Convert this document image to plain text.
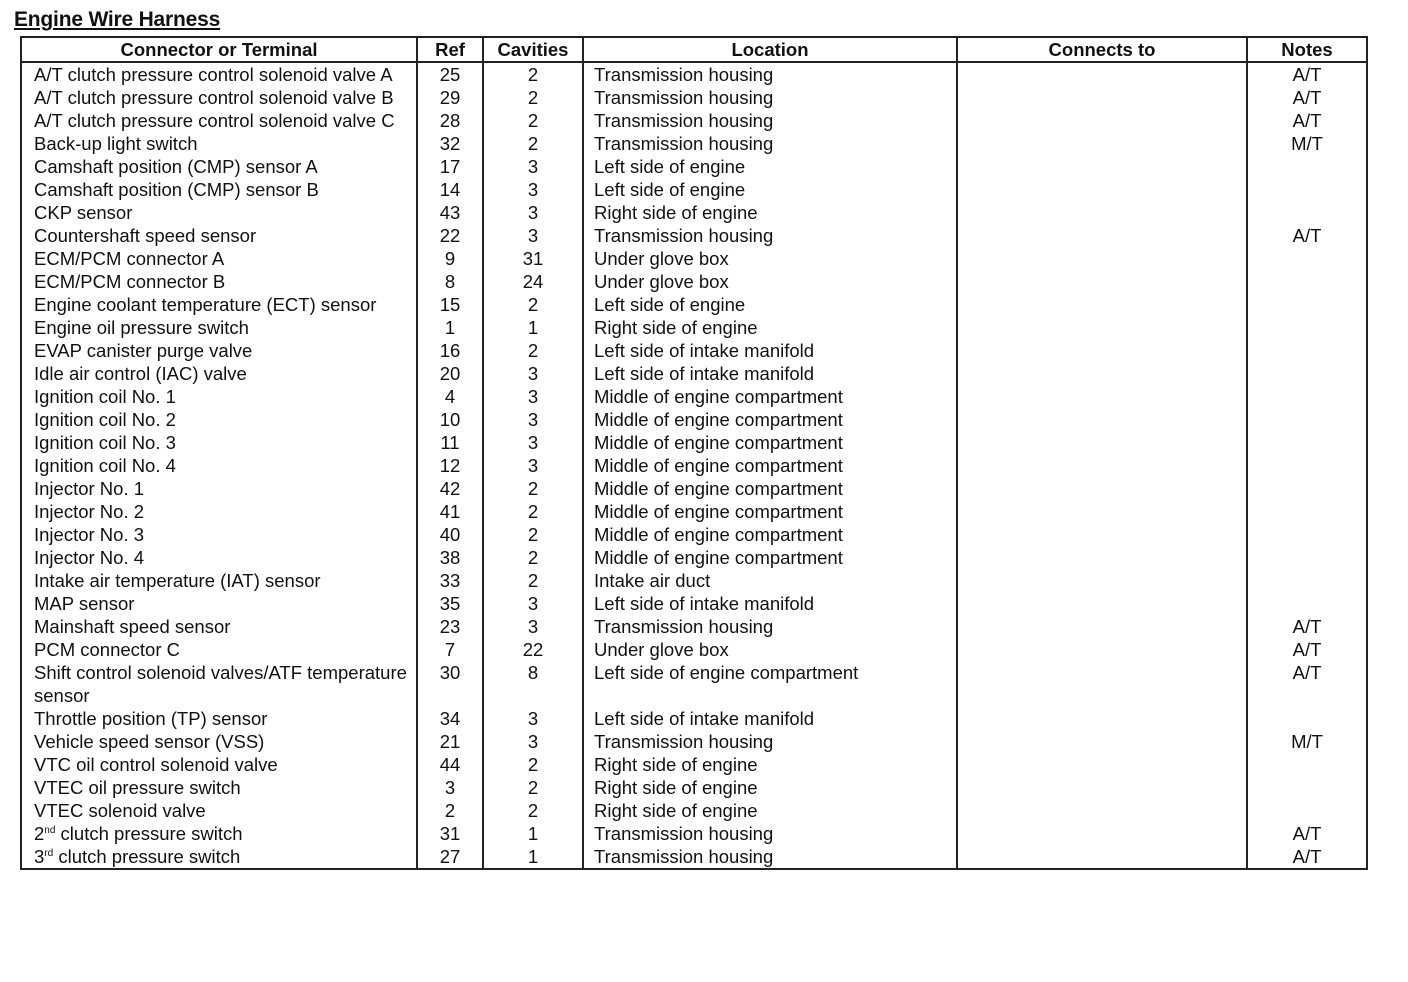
Engine Wire Harness
Connector or Terminal	Ref	Cavities	Location	Connects to	Notes
A/T clutch pressure control solenoid valve A	25	2	Transmission housing		A/T
A/T clutch pressure control solenoid valve B	29	2	Transmission housing		A/T
A/T clutch pressure control solenoid valve C	28	2	Transmission housing		A/T
Back-up light switch	32	2	Transmission housing		M/T
Camshaft position (CMP) sensor A	17	3	Left side of engine		
Camshaft position (CMP) sensor B	14	3	Left side of engine		
CKP sensor	43	3	Right side of engine		
Countershaft speed sensor	22	3	Transmission housing		A/T
ECM/PCM connector A	9	31	Under glove box		
ECM/PCM connector B	8	24	Under glove box		
Engine coolant temperature (ECT) sensor	15	2	Left side of engine		
Engine oil pressure switch	1	1	Right side of engine		
EVAP canister purge valve	16	2	Left side of intake manifold		
Idle air control (IAC) valve	20	3	Left side of intake manifold		
Ignition coil No. 1	4	3	Middle of engine compartment		
Ignition coil No. 2	10	3	Middle of engine compartment		
Ignition coil No. 3	11	3	Middle of engine compartment		
Ignition coil No. 4	12	3	Middle of engine compartment		
Injector No. 1	42	2	Middle of engine compartment		
Injector No. 2	41	2	Middle of engine compartment		
Injector No. 3	40	2	Middle of engine compartment		
Injector No. 4	38	2	Middle of engine compartment		
Intake air temperature (IAT) sensor	33	2	Intake air duct		
MAP sensor	35	3	Left side of intake manifold		
Mainshaft speed sensor	23	3	Transmission housing		A/T
PCM connector C	7	22	Under glove box		A/T
Shift control solenoid valves/ATF temperature sensor	30	8	Left side of engine compartment		A/T
Throttle position (TP) sensor	34	3	Left side of intake manifold		
Vehicle speed sensor (VSS)	21	3	Transmission housing		M/T
VTC oil control solenoid valve	44	2	Right side of engine		
VTEC oil pressure switch	3	2	Right side of engine		
VTEC solenoid valve	2	2	Right side of engine		
2nd clutch pressure switch	31	1	Transmission housing		A/T
3rd clutch pressure switch	27	1	Transmission housing		A/T
